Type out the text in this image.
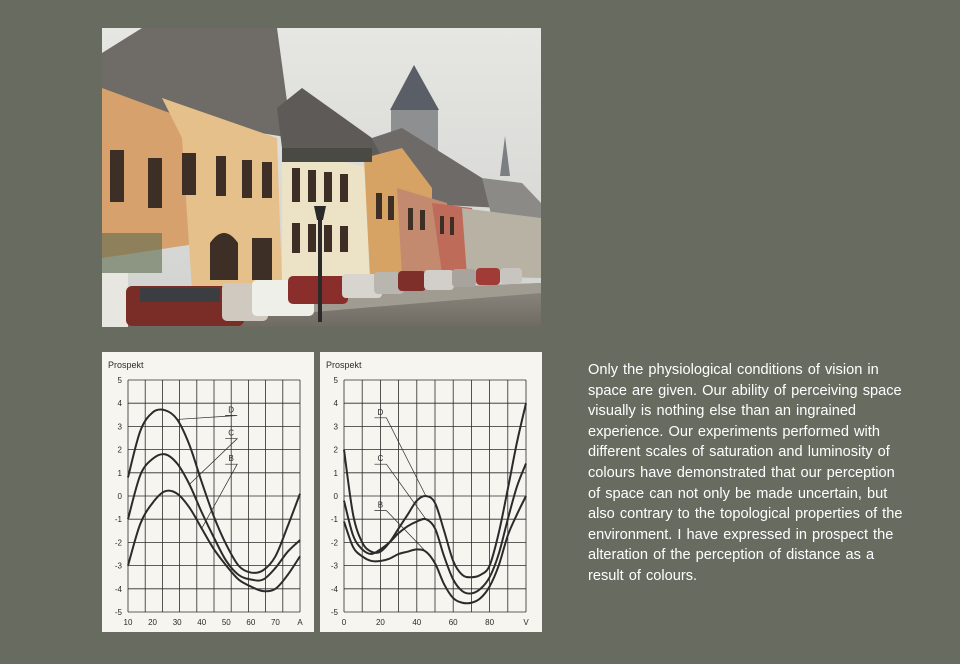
Prospekt
5
4
3
2
1
0
-1
-2
-3
-4
-5
10 20 30 40 50 60 70 A
D
C
B
Prospekt
5
4
3
2
1
0
-1
-2
-3
-4
-5
0	20	40	60	80	V
D
C
B

Only the physiological conditions of vision in space are given. Our ability of perceiving space visually is nothing else than an ingrained experience. Our experiments performed with different scales of saturation and luminosity of colours have demonstrated that our perception of space can not only be made uncertain, but also contrary to the topological properties of the environment. I have expressed in prospect the alteration of the perception of distance as a result of colours.
